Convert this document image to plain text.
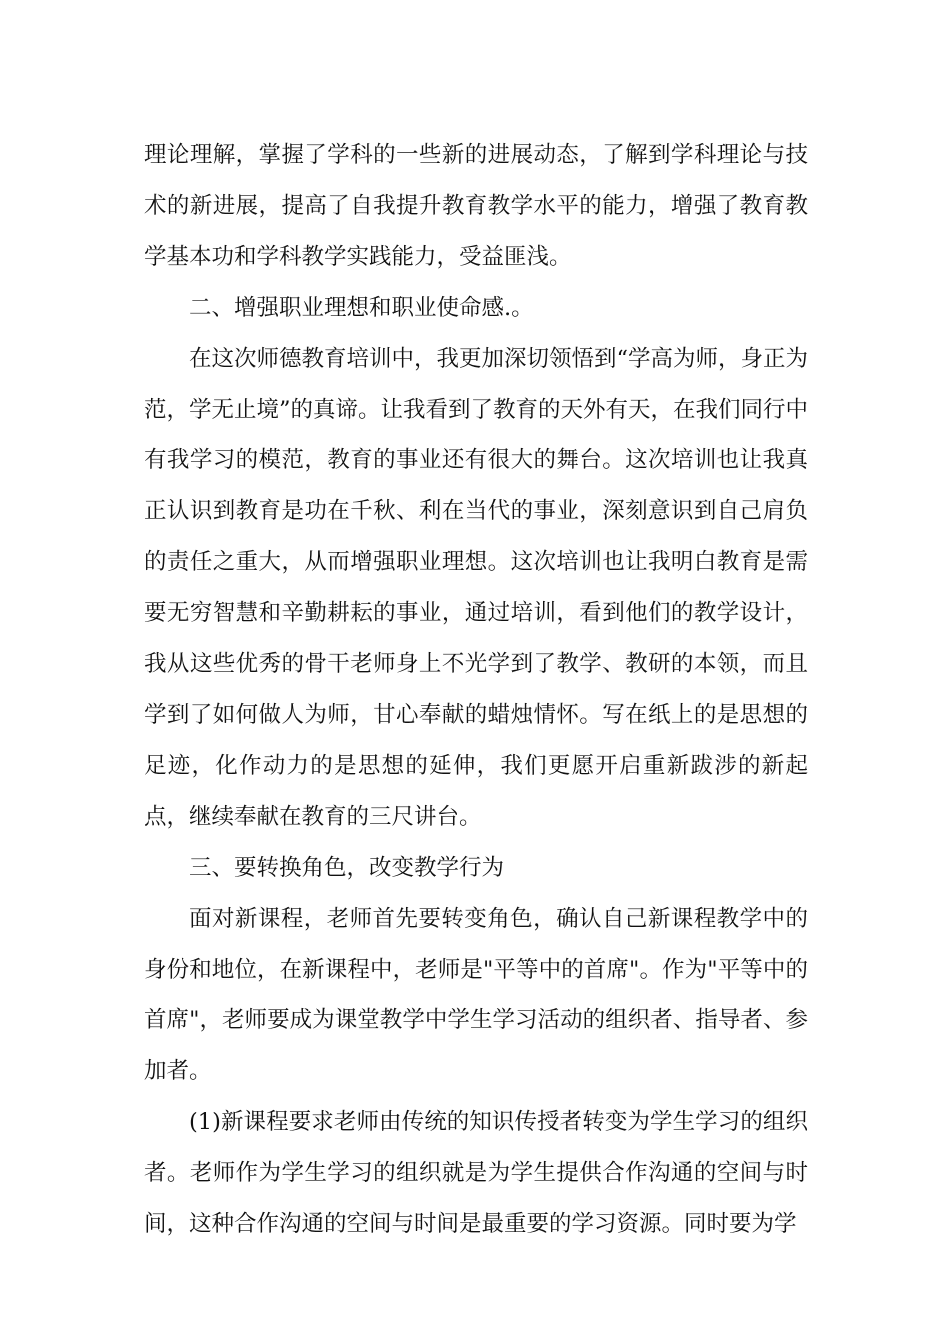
理论理解，掌握了学科的一些新的进展动态，了解到学科理论与技术的新进展，提高了自我提升教育教学水平的能力，增强了教育教学基本功和学科教学实践能力，受益匪浅。

二、增强职业理想和职业使命感.。

在这次师德教育培训中，我更加深切领悟到“学高为师，身正为范，学无止境”的真谛。让我看到了教育的天外有天，在我们同行中有我学习的模范，教育的事业还有很大的舞台。这次培训也让我真正认识到教育是功在千秋、利在当代的事业，深刻意识到自己肩负的责任之重大，从而增强职业理想。这次培训也让我明白教育是需要无穷智慧和辛勤耕耘的事业，通过培训，看到他们的教学设计，我从这些优秀的骨干老师身上不光学到了教学、教研的本领，而且学到了如何做人为师，甘心奉献的蜡烛情怀。写在纸上的是思想的足迹，化作动力的是思想的延伸，我们更愿开启重新跋涉的新起点，继续奉献在教育的三尺讲台。

三、要转换角色，改变教学行为

面对新课程，老师首先要转变角色，确认自己新课程教学中的身份和地位，在新课程中，老师是"平等中的首席"。作为"平等中的首席"，老师要成为课堂教学中学生学习活动的组织者、指导者、参加者。

(1)新课程要求老师由传统的知识传授者转变为学生学习的组织者。老师作为学生学习的组织就是为学生提供合作沟通的空间与时间，这种合作沟通的空间与时间是最重要的学习资源。同时要为学
